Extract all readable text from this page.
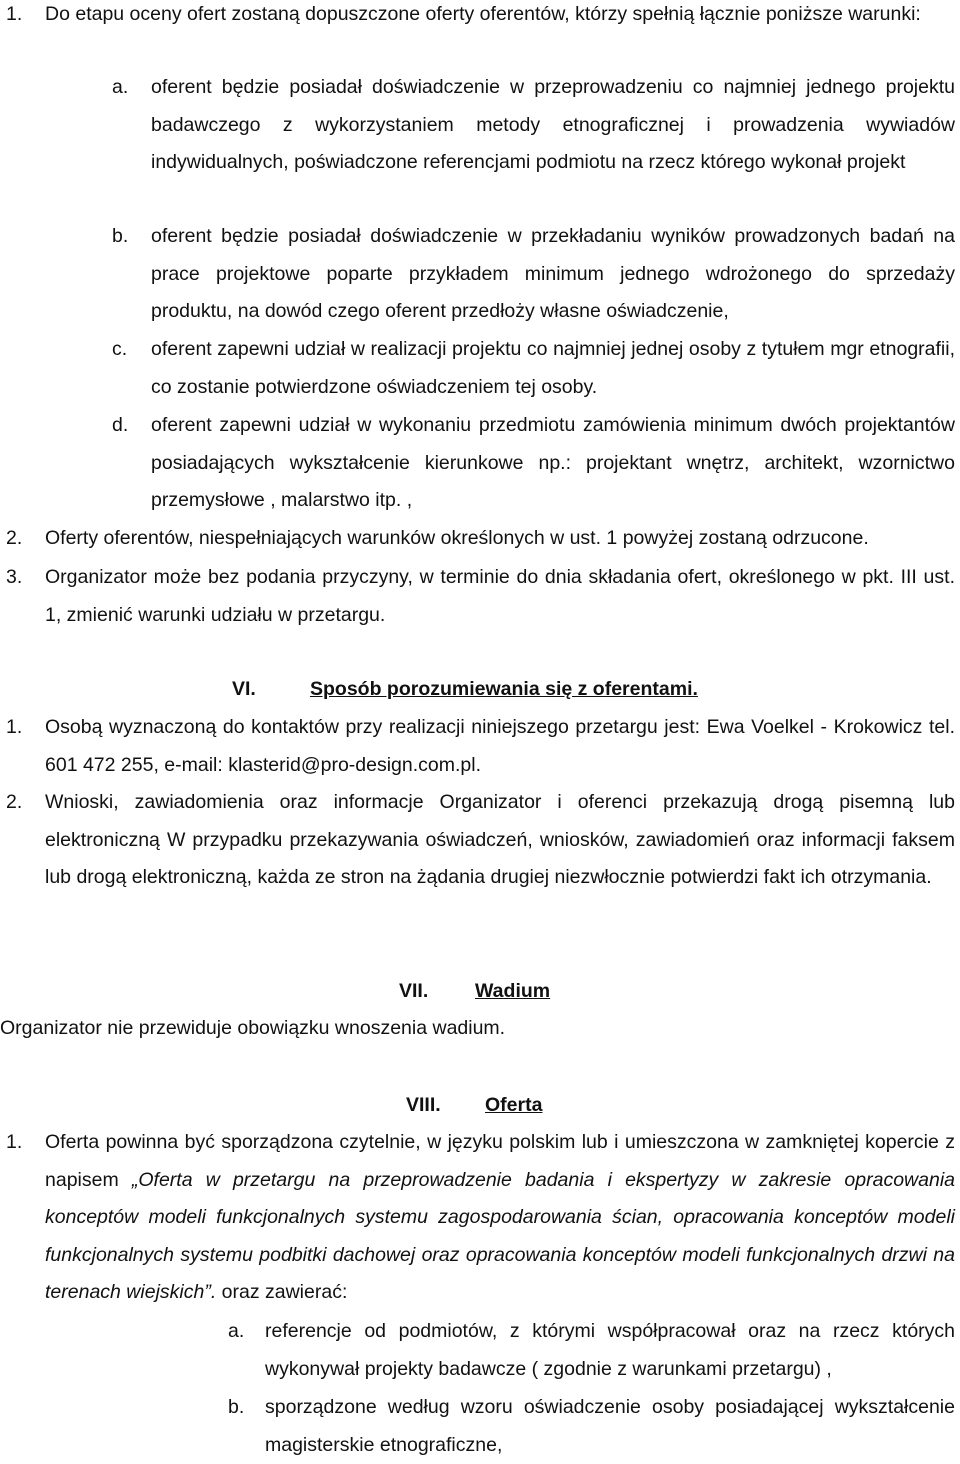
1. Do etapu oceny ofert zostaną dopuszczone oferty oferentów, którzy spełnią łącznie poniższe warunki:
a. oferent będzie posiadał doświadczenie w przeprowadzeniu co najmniej jednego projektu badawczego z wykorzystaniem metody etnograficznej i prowadzenia wywiadów indywidualnych, poświadczone referencjami podmiotu na rzecz którego wykonał projekt
b. oferent będzie posiadał doświadczenie w przekładaniu wyników prowadzonych badań na prace projektowe poparte przykładem minimum jednego wdrożonego do sprzedaży produktu, na dowód czego oferent przedłoży własne oświadczenie,
c. oferent zapewni udział w realizacji projektu co najmniej jednej osoby z tytułem mgr etnografii, co zostanie potwierdzone oświadczeniem tej osoby.
d. oferent zapewni udział w wykonaniu przedmiotu zamówienia minimum dwóch projektantów posiadających wykształcenie kierunkowe np.: projektant wnętrz, architekt, wzornictwo przemysłowe , malarstwo itp. ,
2. Oferty oferentów, niespełniających warunków określonych w ust. 1 powyżej zostaną odrzucone.
3. Organizator może bez podania przyczyny, w terminie do dnia składania ofert, określonego w pkt. III ust. 1, zmienić warunki udziału w przetargu.
VI.	Sposób porozumiewania się z oferentami.
1. Osobą wyznaczoną do kontaktów przy realizacji niniejszego przetargu jest: Ewa Voelkel - Krokowicz tel. 601 472 255, e-mail: klasterid@pro-design.com.pl.
2. Wnioski, zawiadomienia oraz informacje Organizator i oferenci przekazują drogą pisemną lub elektroniczną W przypadku przekazywania oświadczeń, wniosków, zawiadomień oraz informacji faksem lub drogą elektroniczną, każda ze stron na żądania drugiej niezwłocznie potwierdzi fakt ich otrzymania.
VII. Wadium
Organizator nie przewiduje obowiązku wnoszenia wadium.
VIII. Oferta
1. Oferta powinna być sporządzona czytelnie, w języku polskim lub i umieszczona w zamkniętej kopercie z napisem „Oferta w przetargu na przeprowadzenie badania i ekspertyzy w zakresie opracowania konceptów modeli funkcjonalnych systemu zagospodarowania ścian, opracowania konceptów modeli funkcjonalnych systemu podbitki dachowej oraz opracowania konceptów modeli funkcjonalnych drzwi na terenach wiejskich”. oraz zawierać:
a. referencje od podmiotów, z którymi współpracował oraz na rzecz których wykonywał projekty badawcze ( zgodnie z warunkami przetargu) ,
b. sporządzone według wzoru oświadczenie osoby posiadającej wykształcenie magisterskie etnograficzne,
